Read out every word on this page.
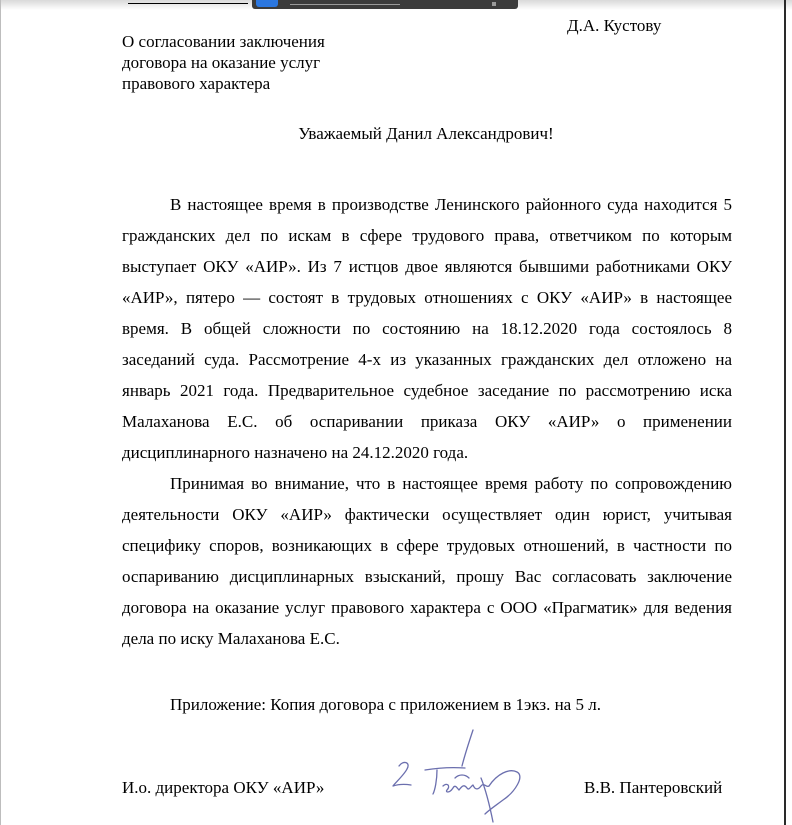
Д.А. Кустову
О согласовании заключения
договора на оказание услуг
правового характера
Уважаемый Данил Александрович!

В настоящее время в производстве Ленинского районного суда находится 5 гражданских дел по искам в сфере трудового права, ответчиком по которым выступает ОКУ «АИР». Из 7 истцов двое являются бывшими работниками ОКУ «АИР», пятеро — состоят в трудовых отношениях с ОКУ «АИР» в настоящее время. В общей сложности по состоянию на 18.12.2020 года состоялось 8 заседаний суда. Рассмотрение 4-х из указанных гражданских дел отложено на январь 2021 года. Предварительное судебное заседание по рассмотрению иска Малаханова Е.С. об оспаривании приказа ОКУ «АИР» о применении дисциплинарного назначено на 24.12.2020 года.

Принимая во внимание, что в настоящее время работу по сопровождению деятельности ОКУ «АИР» фактически осуществляет один юрист, учитывая специфику споров, возникающих в сфере трудовых отношений, в частности по оспариванию дисциплинарных взысканий, прошу Вас согласовать заключение договора на оказание услуг правового характера с ООО «Прагматик» для ведения дела по иску Малаханова Е.С.

Приложение: Копия договора с приложением в 1экз. на 5 л.
И.о. директора ОКУ «АИР»	В.В. Пантеровский
